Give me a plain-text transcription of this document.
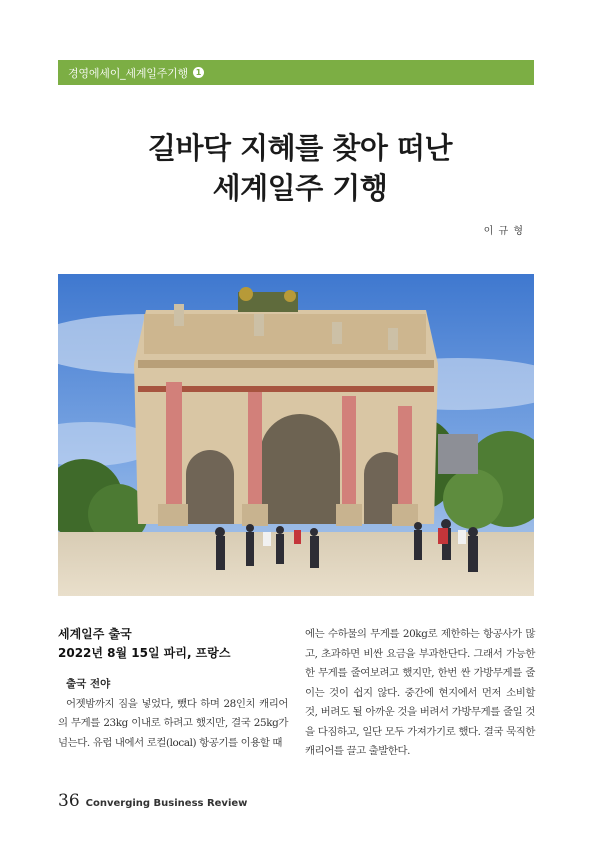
경영에세이_세계일주기행 1
길바닥 지혜를 찾아 떠난
세계일주 기행
이 규 형
세계일주 출국
2022년 8월 15일 파리, 프랑스
출국 전야
어젯밤까지 짐을 넣었다, 뺐다 하며 28인치 캐리어의 무게를 23kg 이내로 하려고 했지만, 결국 25kg가 넘는다. 유럽 내에서 로컬(local) 항공기를 이용할 때
에는 수하물의 무게를 20kg로 제한하는 항공사가 많고, 초과하면 비싼 요금을 부과한단다. 그래서 가능한 한 무게를 줄여보려고 했지만, 한번 싼 가방무게를 줄이는 것이 쉽지 않다. 중간에 현지에서 먼저 소비할 것, 버려도 될 아까운 것을 버려서 가방무게를 줄일 것을 다짐하고, 일단 모두 가져가기로 했다. 결국 묵직한 캐리어를 끌고 출발한다.
36 Converging Business Review
